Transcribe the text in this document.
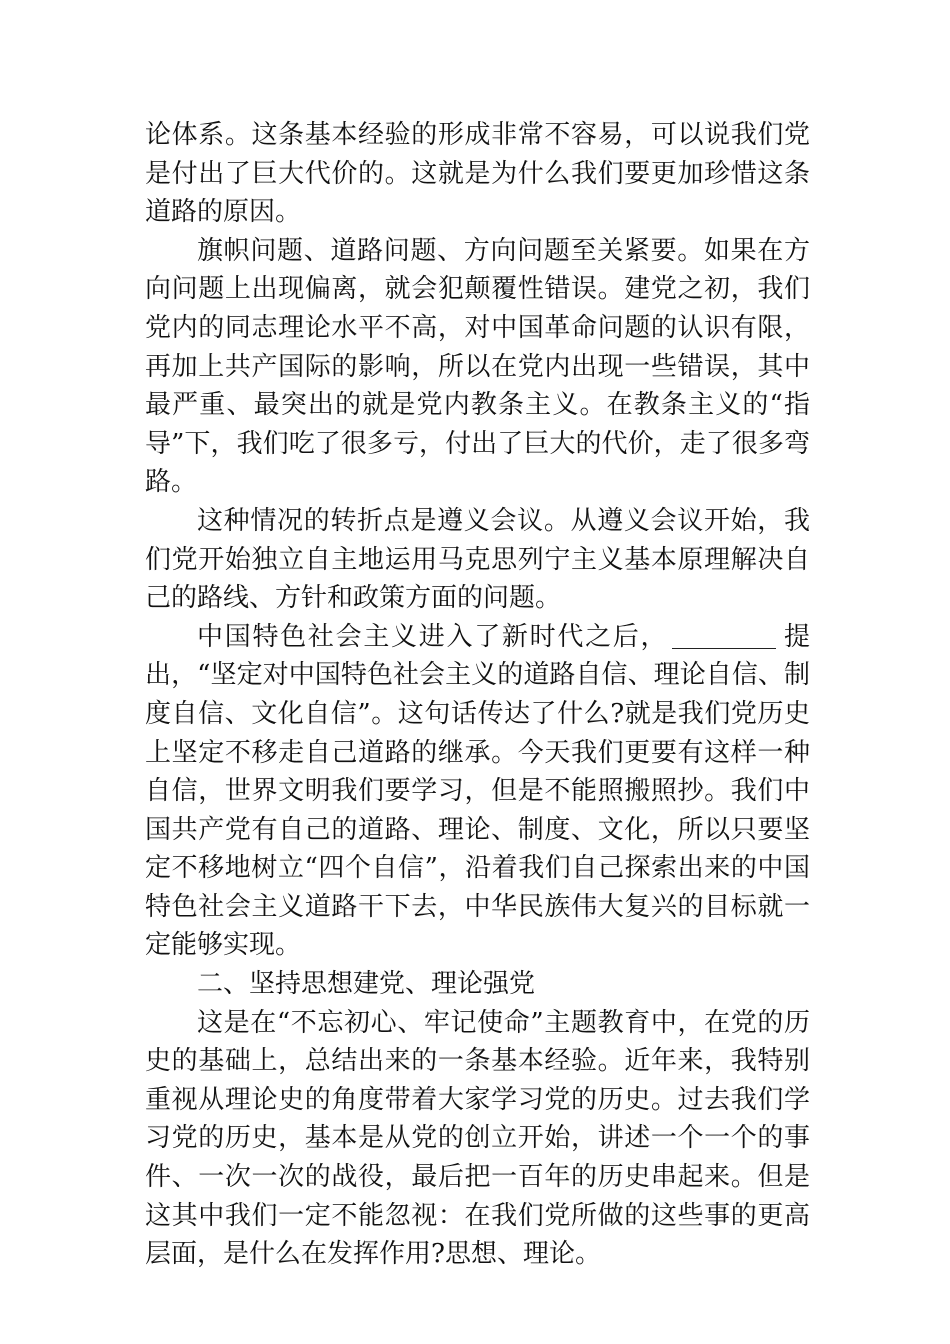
论体系。这条基本经验的形成非常不容易，可以说我们党是付出了巨大代价的。这就是为什么我们要更加珍惜这条道路的原因。

旗帜问题、道路问题、方向问题至关紧要。如果在方向问题上出现偏离，就会犯颠覆性错误。建党之初，我们党内的同志理论水平不高，对中国革命问题的认识有限，再加上共产国际的影响，所以在党内出现一些错误，其中最严重、最突出的就是党内教条主义。在教条主义的“指导”下，我们吃了很多亏，付出了巨大的代价，走了很多弯路。

这种情况的转折点是遵义会议。从遵义会议开始，我们党开始独立自主地运用马克思列宁主义基本原理解决自己的路线、方针和政策方面的问题。

中国特色社会主义进入了新时代之后，	提出，“坚定对中国特色社会主义的道路自信、理论自信、制度自信、文化自信”。这句话传达了什么?就是我们党历史上坚定不移走自己道路的继承。今天我们更要有这样一种自信，世界文明我们要学习，但是不能照搬照抄。我们中国共产党有自己的道路、理论、制度、文化，所以只要坚定不移地树立“四个自信”，沿着我们自己探索出来的中国特色社会主义道路干下去，中华民族伟大复兴的目标就一定能够实现。

二、坚持思想建党、理论强党

这是在“不忘初心、牢记使命”主题教育中，在党的历史的基础上，总结出来的一条基本经验。近年来，我特别重视从理论史的角度带着大家学习党的历史。过去我们学习党的历史，基本是从党的创立开始，讲述一个一个的事件、一次一次的战役，最后把一百年的历史串起来。但是这其中我们一定不能忽视：在我们党所做的这些事的更高层面，是什么在发挥作用?思想、理论。
